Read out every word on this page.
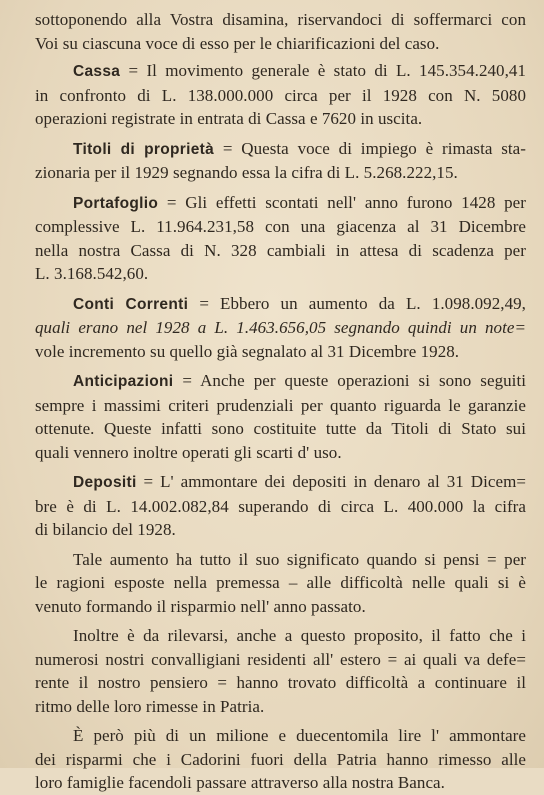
sottoponendo alla Vostra disamina, riservandoci di soffermarci con
Voi su ciascuna voce di esso per le chiarificazioni del caso.
Cassa = Il movimento generale è stato di L. 145.354.240,41
in confronto di L. 138.000.000 circa per il 1928 con N. 5080
operazioni registrate in entrata di Cassa e 7620 in uscita.
Titoli di proprietà = Questa voce di impiego è rimasta sta-
zionaria per il 1929 segnando essa la cifra di L. 5.268.222,15.
Portafoglio = Gli effetti scontati nell' anno furono 1428 per
complessive L. 11.964.231,58 con una giacenza al 31 Dicembre
nella nostra Cassa di N. 328 cambiali in attesa di scadenza per
L. 3.168.542,60.
Conti Correnti = Ebbero un aumento da L. 1.098.092,49,
quali erano nel 1928 a L. 1.463.656,05 segnando quindi un note=
vole incremento su quello già segnalato al 31 Dicembre 1928.
Anticipazioni = Anche per queste operazioni si sono seguiti
sempre i massimi criteri prudenziali per quanto riguarda le garanzie
ottenute. Queste infatti sono costituite tutte da Titoli di Stato sui
quali vennero inoltre operati gli scarti d' uso.
Depositi = L' ammontare dei depositi in denaro al 31 Dicem=
bre è di L. 14.002.082,84 superando di circa L. 400.000 la cifra
di bilancio del 1928.
Tale aumento ha tutto il suo significato quando si pensi = per
le ragioni esposte nella premessa – alle difficoltà nelle quali si è
venuto formando il risparmio nell' anno passato.
Inoltre è da rilevarsi, anche a questo proposito, il fatto che i
numerosi nostri convalligiani residenti all' estero = ai quali va defe=
rente il nostro pensiero = hanno trovato difficoltà a continuare il
ritmo delle loro rimesse in Patria.
È però più di un milione e duecentomila lire l' ammontare
dei risparmi che i Cadorini fuori della Patria hanno rimesso alle
loro famiglie facendoli passare attraverso alla nostra Banca.
